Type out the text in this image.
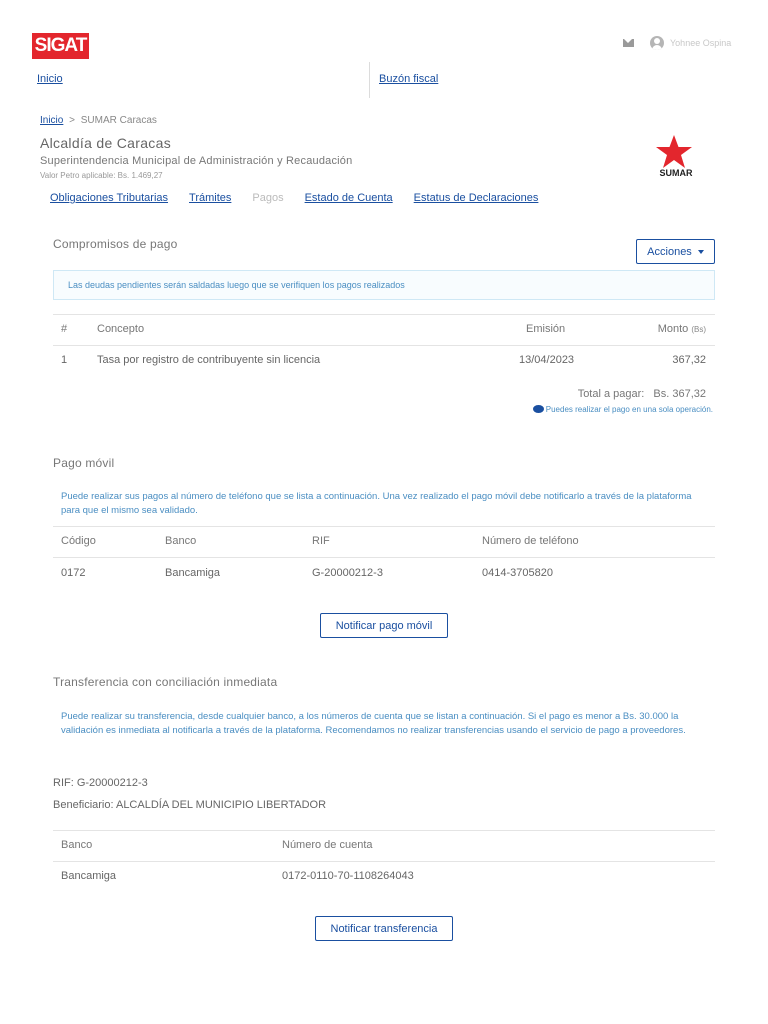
SIGAT	Yohnee Ospina
Inicio	Buzón fiscal
Inicio > SUMAR Caracas
Alcaldía de Caracas
Superintendencia Municipal de Administración y Recaudación
Valor Petro aplicable: Bs. 1.469,27	SUMAR
Obligaciones Tributarias Trámites Pagos Estado de Cuenta Estatus de Declaraciones
Compromisos de pago
Acciones
Las deudas pendientes serán saldadas luego que se verifiquen los pagos realizados
#	Concepto	Emisión	Monto (Bs)
1	Tasa por registro de contribuyente sin licencia	13/04/2023	367,32
Total a pagar: Bs. 367,32
Puedes realizar el pago en una sola operación.
Pago móvil
Puede realizar sus pagos al número de teléfono que se lista a continuación. Una vez realizado el pago móvil debe notificarlo a través de la plataforma para que el mismo sea validado.
Código	Banco	RIF	Número de teléfono
0172	Bancamiga	G-20000212-3	0414-3705820
Notificar pago móvil
Transferencia con conciliación inmediata
Puede realizar su transferencia, desde cualquier banco, a los números de cuenta que se listan a continuación. Si el pago es menor a Bs. 30.000 la validación es inmediata al notificarla a través de la plataforma. Recomendamos no realizar transferencias usando el servicio de pago a proveedores.
RIF: G-20000212-3
Beneficiario: ALCALDÍA DEL MUNICIPIO LIBERTADOR
Banco	Número de cuenta
Bancamiga	0172-0110-70-1108264043
Notificar transferencia
